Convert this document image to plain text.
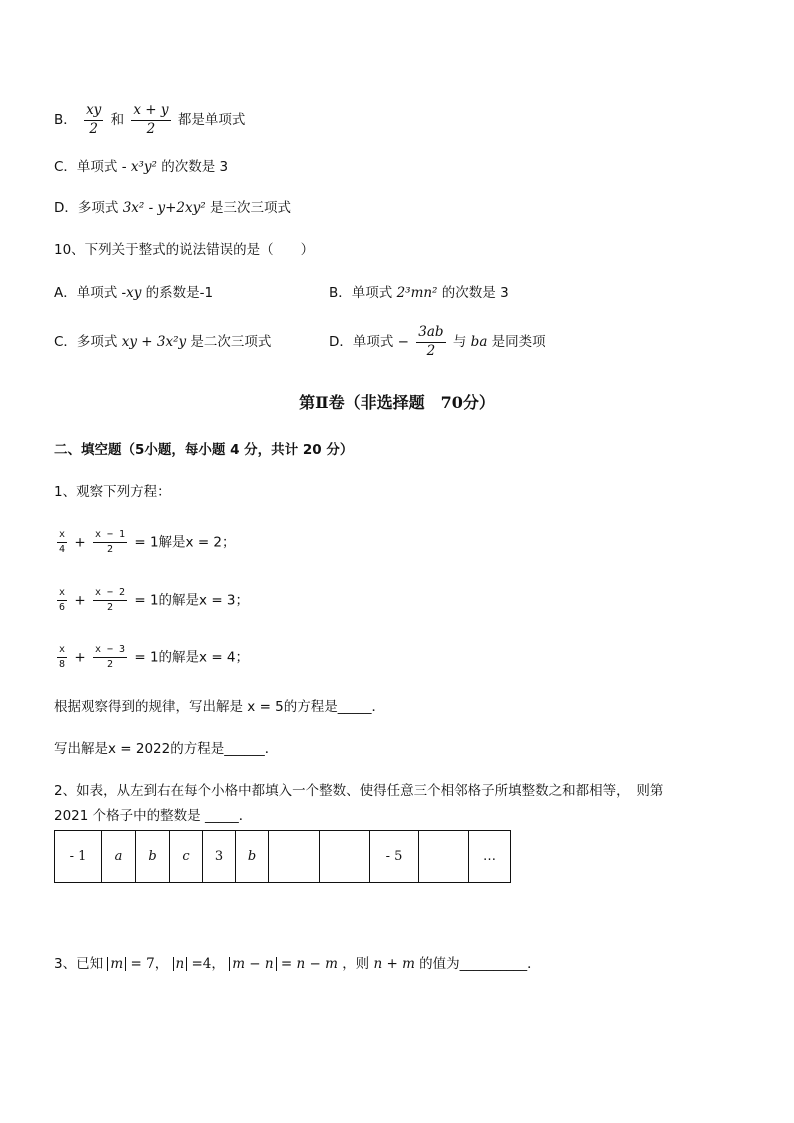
B． $\frac{xy}{2}$ 和 $\frac{x + y}{2}$ 都是单项式
C．单项式 - x³y² 的次数是 3
D．多项式 3x² - y+2xy² 是三次三项式
10、下列关于整式的说法错误的是（　　）
A．单项式 -xy 的系数是-1	B．单项式 2³mn² 的次数是 3
C．多项式 xy + 3x²y 是二次三项式	D．单项式 − $\frac{3ab}{2}$ 与 ba 是同类项
第Ⅱ卷（非选择题　70分）
二、填空题（5小题，每小题 4 分，共计 20 分）
1、观察下列方程：
$\frac{x}{4} + \frac{x - 1}{2} = 1$解是x = 2；
$\frac{x}{6} + \frac{x - 2}{2} = 1$的解是x = 3；
$\frac{x}{8} + \frac{x - 3}{2} = 1$的解是x = 4；
根据观察得到的规律，写出解是 x = 5的方程是_____．
写出解是x = 2022的方程是______．
2、如表，从左到右在每个小格中都填入一个整数、使得任意三个相邻格子所填整数之和都相等，　则第
2021 个格子中的整数是 _____．
- 1	a	b	c	3	b			- 5		…
3、已知 m = 7， n =4， m − n = n − m ，则 n + m 的值为__________．
